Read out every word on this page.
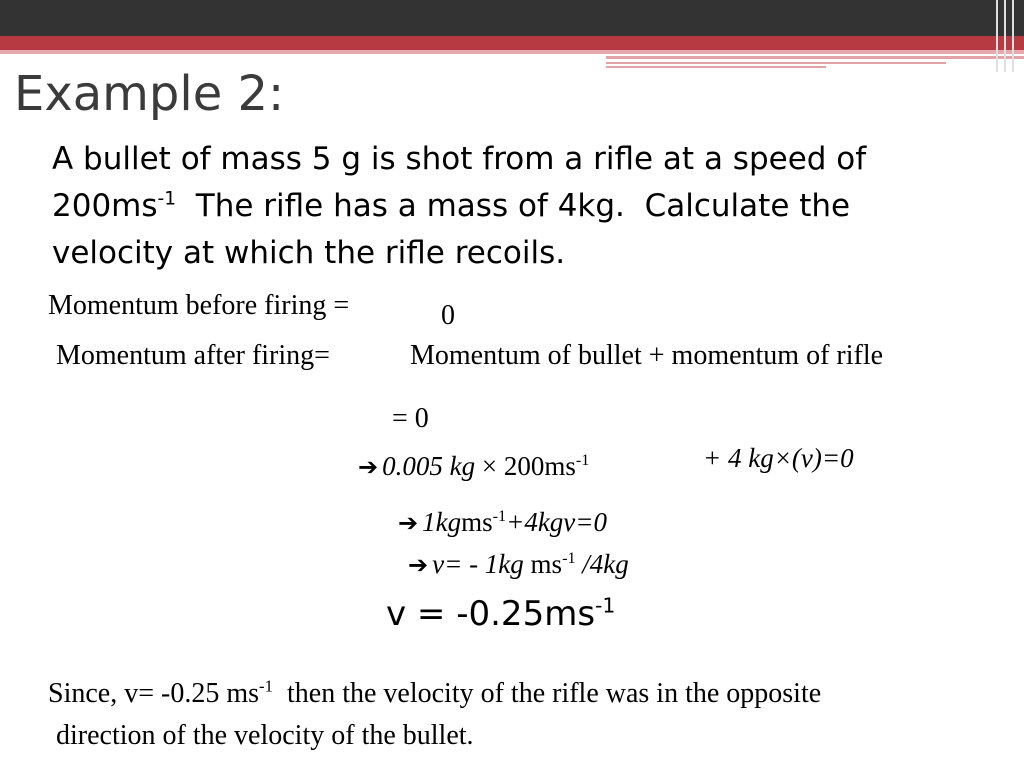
Example 2:
A bullet of mass 5 g is shot from a rifle at a speed of
$200ms^{-1}$  The rifle has a mass of 4kg.  Calculate the
velocity at which the rifle recoils.
Momentum before firing =	0
Momentum after firing=	Momentum of bullet + momentum of rifle
= 0
➔ 0.005 kg × $200ms^{-1}$	+ 4 kg×(v)=0
➔ 1kgms$^{-1}$+4kgv=0
➔ v= - 1kg $ms^{-1}$ /4kg
$v = -0.25ms^{-1}$
Since, v= -0.25 $ms^{-1}$  then the velocity of the rifle was in the opposite
direction of the velocity of the bullet.
